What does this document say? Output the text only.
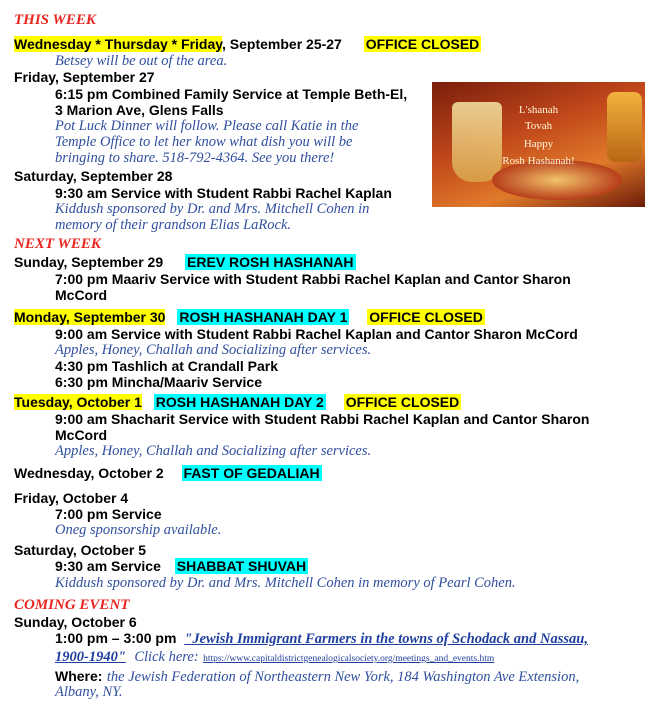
THIS WEEK
Wednesday * Thursday * Friday, September 25-27 OFFICE CLOSED
Betsey will be out of the area.
Friday, September 27
6:15 pm Combined Family Service at Temple Beth-El,
3 Marion Ave, Glens Falls
Pot Luck Dinner will follow. Please call Katie in the
Temple Office to let her know what dish you will be
bringing to share. 518-792-4364. See you there!
Saturday, September 28
9:30 am Service with Student Rabbi Rachel Kaplan
Kiddush sponsored by Dr. and Mrs. Mitchell Cohen in
memory of their grandson Elias LaRock.
L'shanah
Tovah
Happy
Rosh Hashanah!
NEXT WEEK
Sunday, September 29 EREV ROSH HASHANAH
7:00 pm Maariv Service with Student Rabbi Rachel Kaplan and Cantor Sharon
McCord
Monday, September 30 ROSH HASHANAH DAY 1 OFFICE CLOSED
9:00 am Service with Student Rabbi Rachel Kaplan and Cantor Sharon McCord
Apples, Honey, Challah and Socializing after services.
4:30 pm Tashlich at Crandall Park
6:30 pm Mincha/Maariv Service
Tuesday, October 1 ROSH HASHANAH DAY 2 OFFICE CLOSED
9:00 am Shacharit Service with Student Rabbi Rachel Kaplan and Cantor Sharon
McCord
Apples, Honey, Challah and Socializing after services.
Wednesday, October 2 FAST OF GEDALIAH
Friday, October 4
7:00 pm Service
Oneg sponsorship available.
Saturday, October 5
9:30 am Service SHABBAT SHUVAH
Kiddush sponsored by Dr. and Mrs. Mitchell Cohen in memory of Pearl Cohen.
COMING EVENT
Sunday, October 6
1:00 pm – 3:00 pm "Jewish Immigrant Farmers in the towns of Schodack and Nassau,
1900-1940" Click here: https://www.capitaldistrictgenealogicalsociety.org/meetings_and_events.htm
Where: the Jewish Federation of Northeastern New York, 184 Washington Ave Extension,
Albany, NY.
